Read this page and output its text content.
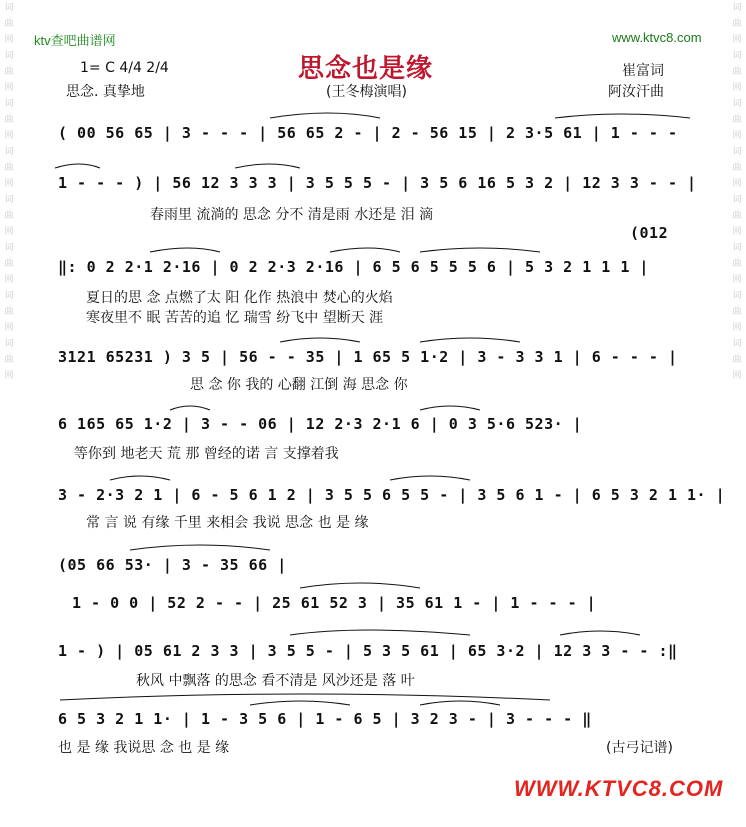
词曲网词曲网词曲网词曲网词曲网词曲网词曲网词曲网
词曲网词曲网词曲网词曲网词曲网词曲网词曲网词曲网
ktv查吧曲谱网	www.ktvc8.com
思念也是缘
1= C 4/4 2/4
思念. 真挚地	(王冬梅演唱)
崔富词
阿汝汗曲
( 00 56 65 | 3 - - - | 56 65 2 - | 2 - 56 15 | 2 3·5 61 | 1 - - -
1 - - - ) | 56 12 3 3 3 | 3 5 5 5 - | 3 5 6 16 5 3 2 | 12 3 3 - - |
春雨里 流淌的 思念 分不 清是雨 水还是 泪 滴
(012
‖: 0 2 2·1 2·16 | 0 2 2·3 2·16 | 6 5 6 5 5 5 6 | 5 3 2 1 1 1 |
夏日的思 念 点燃了太 阳 化作 热浪中 焚心的火焰
寒夜里不 眠 苦苦的追 忆 瑞雪 纷飞中 望断天 涯
3121 65231 ) 3 5 | 56 - - 35 | 1 65 5 1·2 | 3 - 3 3 1 | 6 - - - |
思 念 你 我的 心翻 江倒 海 思念 你
6 165 65 1·2 | 3 - - 06 | 12 2·3 2·1 6 | 0 3 5·6 523· |
等你到 地老天 荒 那 曾经的诺 言 支撑着我
3 - 2·3 2 1 | 6 - 5 6 1 2 | 3 5 5 6 5 5 - | 3 5 6 1 - | 6 5 3 2 1 1· |
常 言 说 有缘 千里 来相会 我说 思念 也 是 缘
(05 66 53· | 3 - 35 66 |
1 - 0 0 | 52 2 - - | 25 61 52 3 | 35 61 1 - | 1 - - - |
1 - ) | 05 61 2 3 3 | 3 5 5 - | 5 3 5 61 | 65 3·2 | 12 3 3 - - :‖
秋风 中飘落 的思念 看不清是 风沙还是 落 叶
6 5 3 2 1 1· | 1 - 3 5 6 | 1 - 6 5 | 3 2 3 - | 3 - - - ‖
也 是 缘 我说思 念 也 是 缘	(古弓记谱)
WWW.KTVC8.COM
